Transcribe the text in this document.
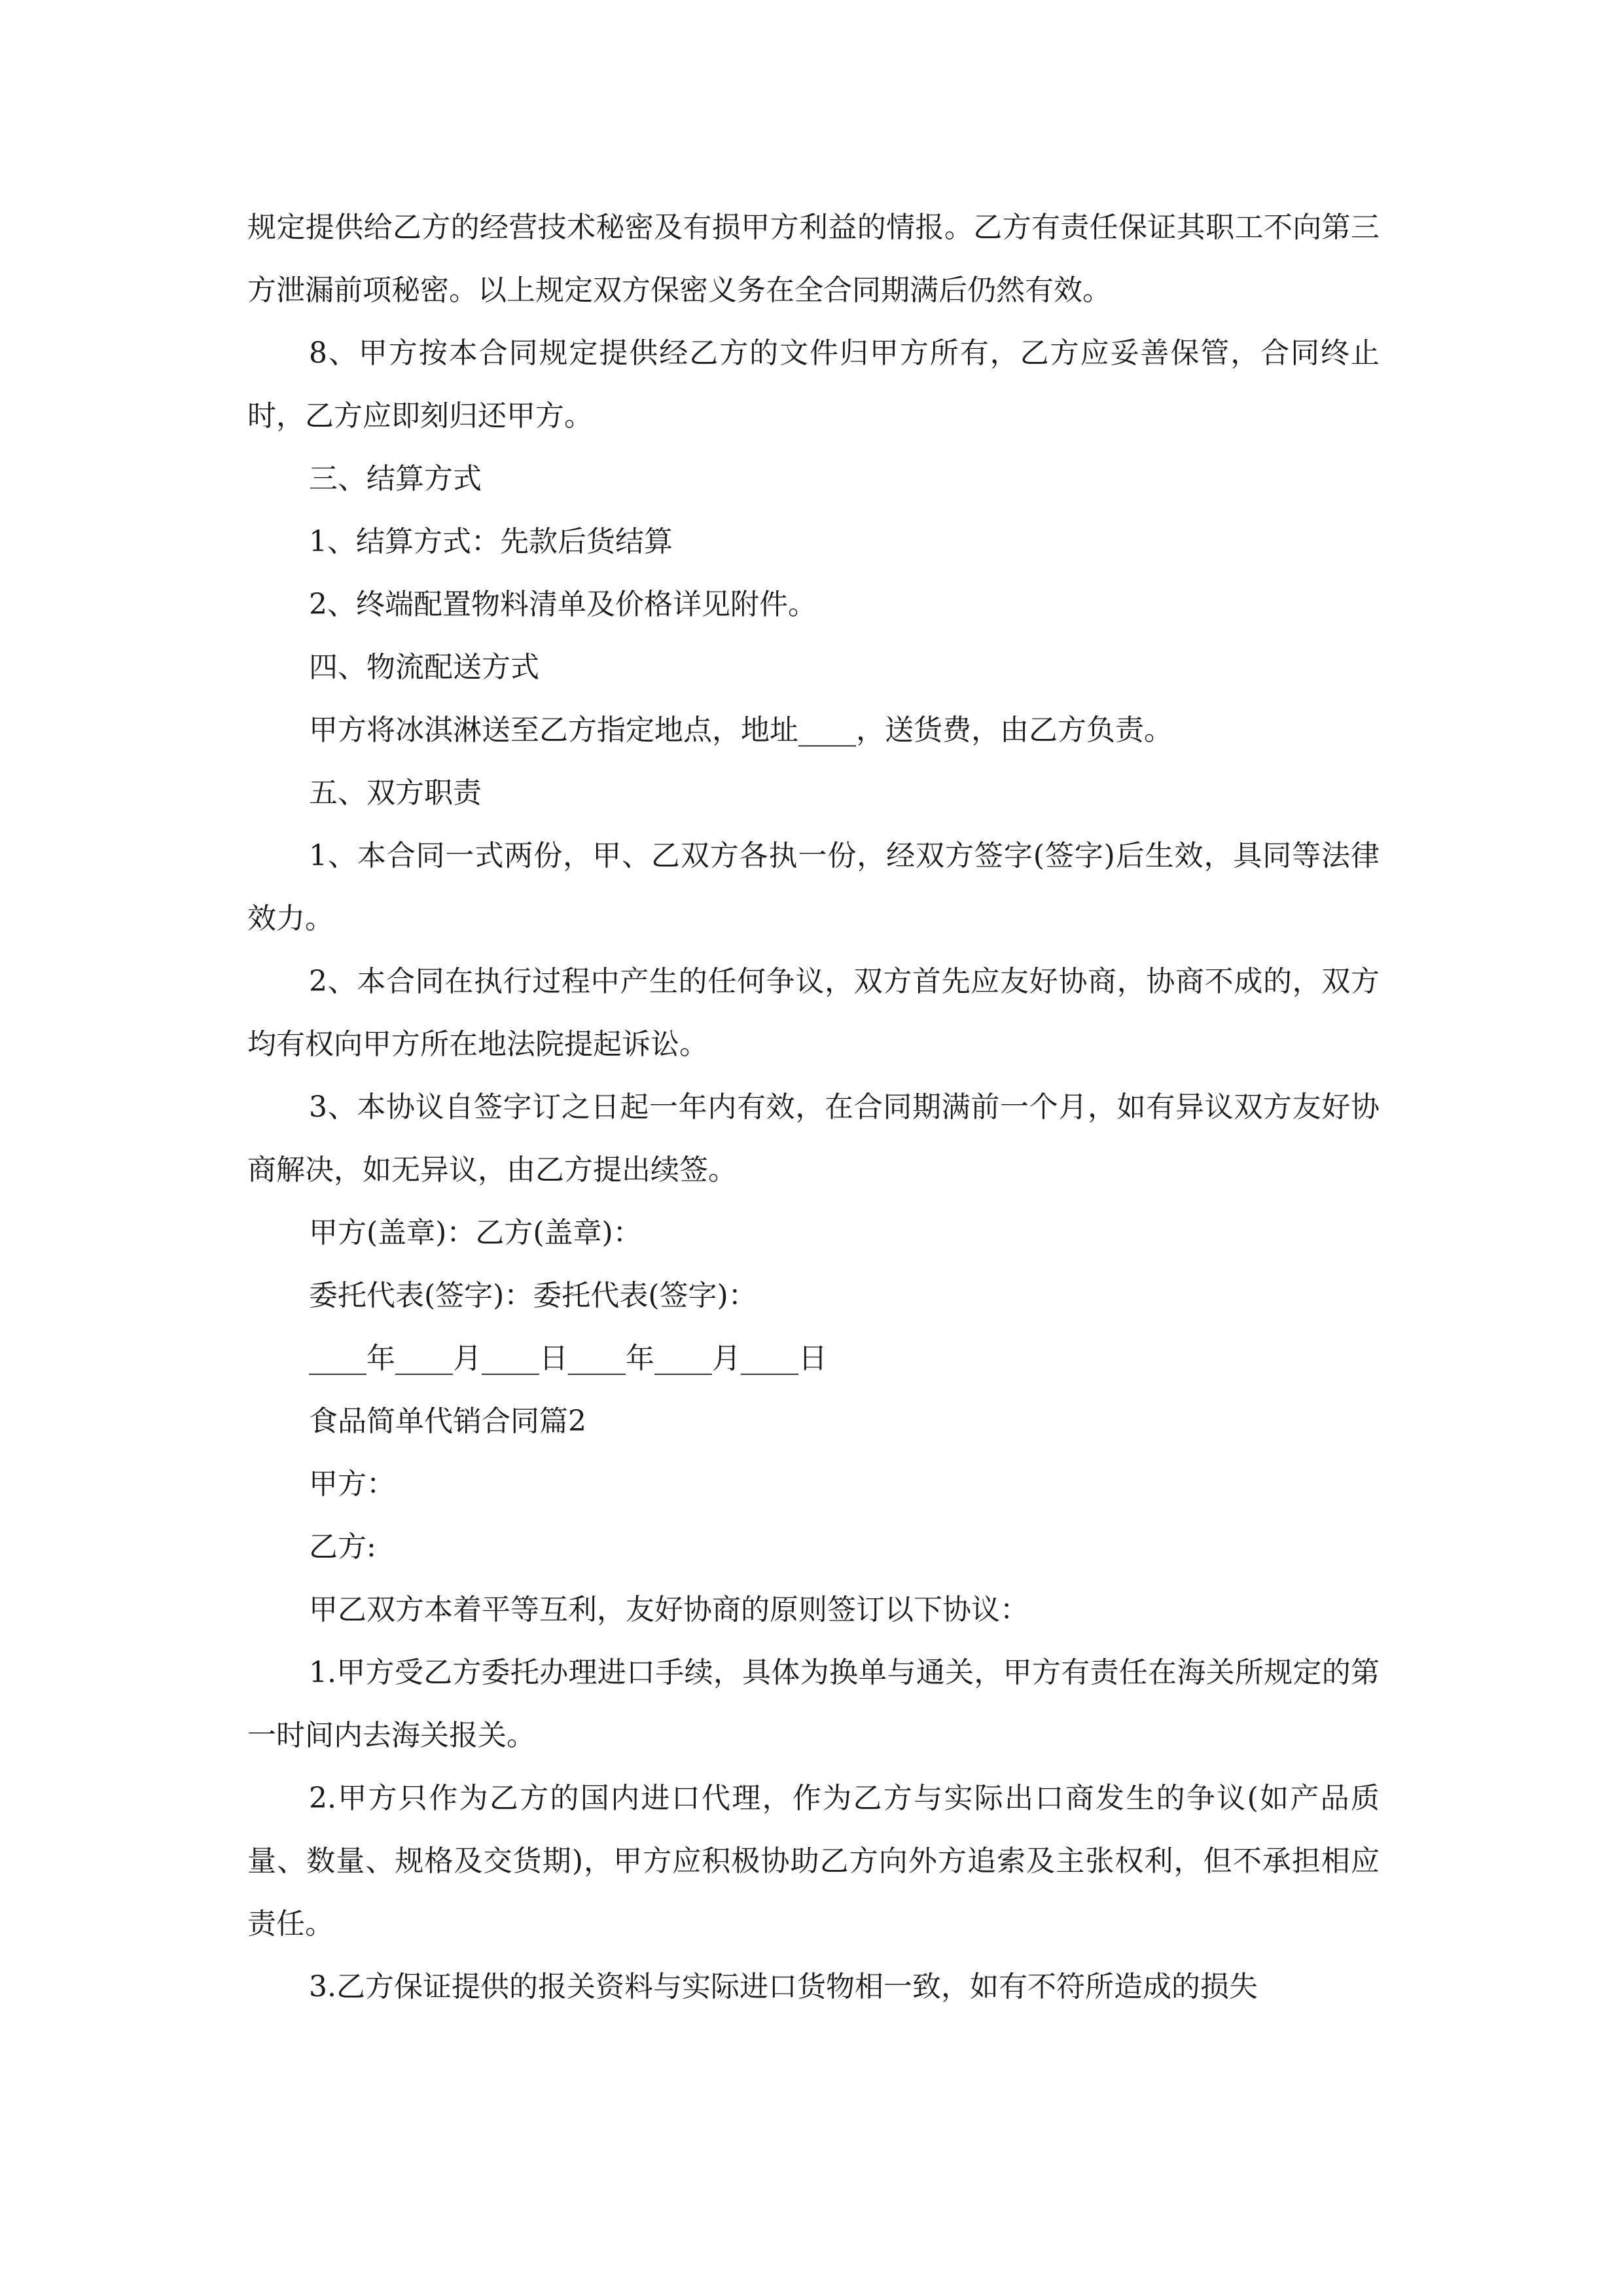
规定提供给乙方的经营技术秘密及有损甲方利益的情报。乙方有责任保证其职工不向第三方泄漏前项秘密。以上规定双方保密义务在全合同期满后仍然有效。

8、甲方按本合同规定提供经乙方的文件归甲方所有，乙方应妥善保管，合同终止时，乙方应即刻归还甲方。

三、结算方式

1、结算方式：先款后货结算

2、终端配置物料清单及价格详见附件。

四、物流配送方式

甲方将冰淇淋送至乙方指定地点，地址____，送货费，由乙方负责。

五、双方职责

1、本合同一式两份，甲、乙双方各执一份，经双方签字(签字)后生效，具同等法律效力。

2、本合同在执行过程中产生的任何争议，双方首先应友好协商，协商不成的，双方均有权向甲方所在地法院提起诉讼。

3、本协议自签字订之日起一年内有效，在合同期满前一个月，如有异议双方友好协商解决，如无异议，由乙方提出续签。

甲方(盖章)：乙方(盖章)：

委托代表(签字)：委托代表(签字)：

____年____月____日____年____月____日

食品简单代销合同篇2

甲方：

乙方:

甲乙双方本着平等互利，友好协商的原则签订以下协议：

1.甲方受乙方委托办理进口手续，具体为换单与通关，甲方有责任在海关所规定的第一时间内去海关报关。

2.甲方只作为乙方的国内进口代理，作为乙方与实际出口商发生的争议(如产品质量、数量、规格及交货期)，甲方应积极协助乙方向外方追索及主张权利，但不承担相应责任。

3.乙方保证提供的报关资料与实际进口货物相一致，如有不符所造成的损失
